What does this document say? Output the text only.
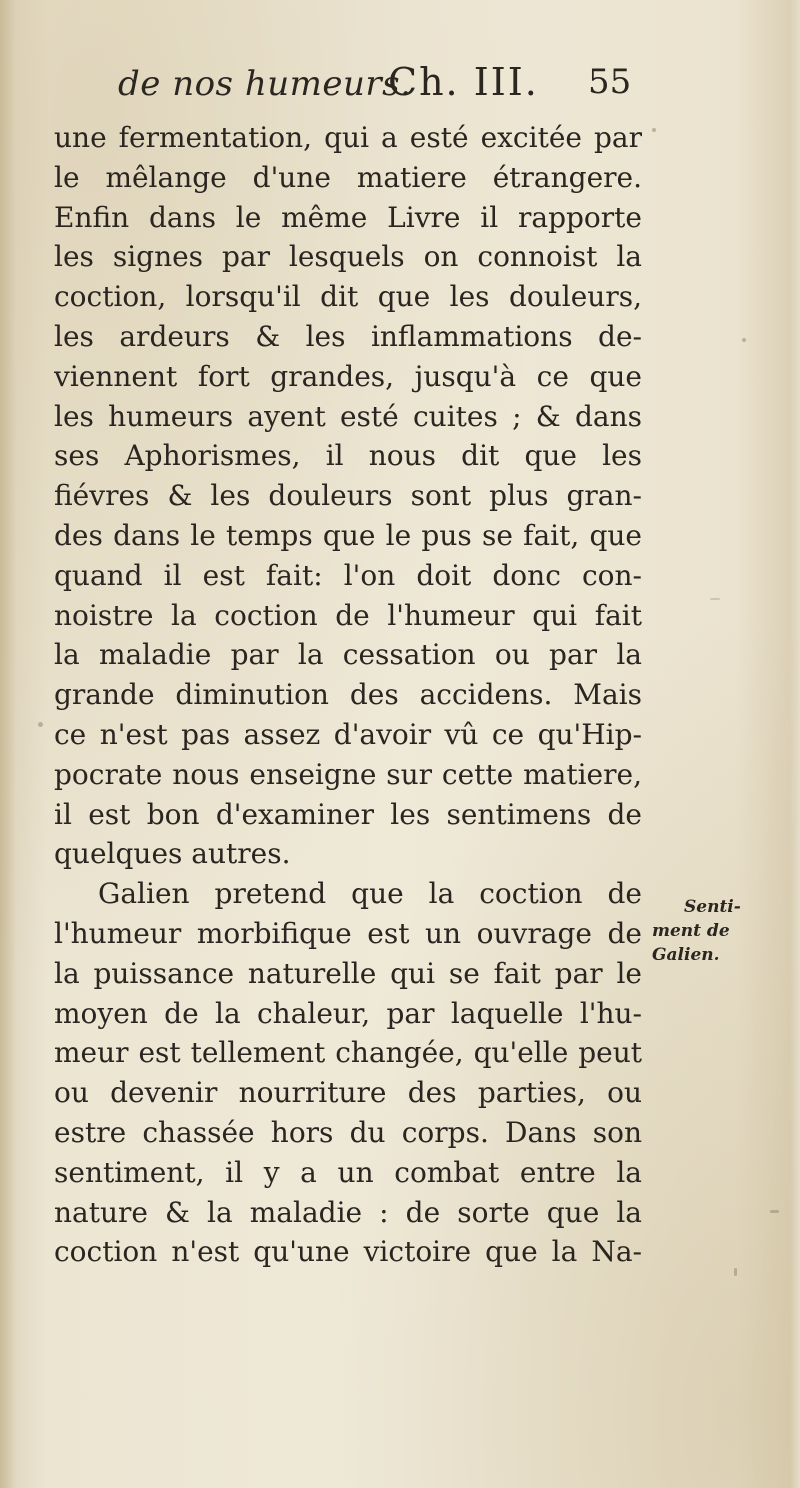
de nos humeurs.
Ch. III. 55
une fermentation, qui a esté excitée par
le mêlange d'une matiere étrangere.
Enfin dans le même Livre il rapporte
les signes par lesquels on connoist la
coction, lorsqu'il dit que les douleurs,
les ardeurs & les inflammations de-
viennent fort grandes, jusqu'à ce que
les humeurs ayent esté cuites ; & dans
ses Aphorismes, il nous dit que les
fiévres & les douleurs sont plus gran-
des dans le temps que le pus se fait, que
quand il est fait: l'on doit donc con-
noistre la coction de l'humeur qui fait
la maladie par la cessation ou par la
grande diminution des accidens. Mais
ce n'est pas assez d'avoir vû ce qu'Hip-
pocrate nous enseigne sur cette matiere,
il est bon d'examiner les sentimens de
quelques autres.
Galien pretend que la coction de
l'humeur morbifique est un ouvrage de
la puissance naturelle qui se fait par le
moyen de la chaleur, par laquelle l'hu-
meur est tellement changée, qu'elle peut
ou devenir nourriture des parties, ou
estre chassée hors du corps. Dans son
sentiment, il y a un combat entre la
nature & la maladie : de sorte que la
coction n'est qu'une victoire que la Na-
Senti-
ment de
Galien.
